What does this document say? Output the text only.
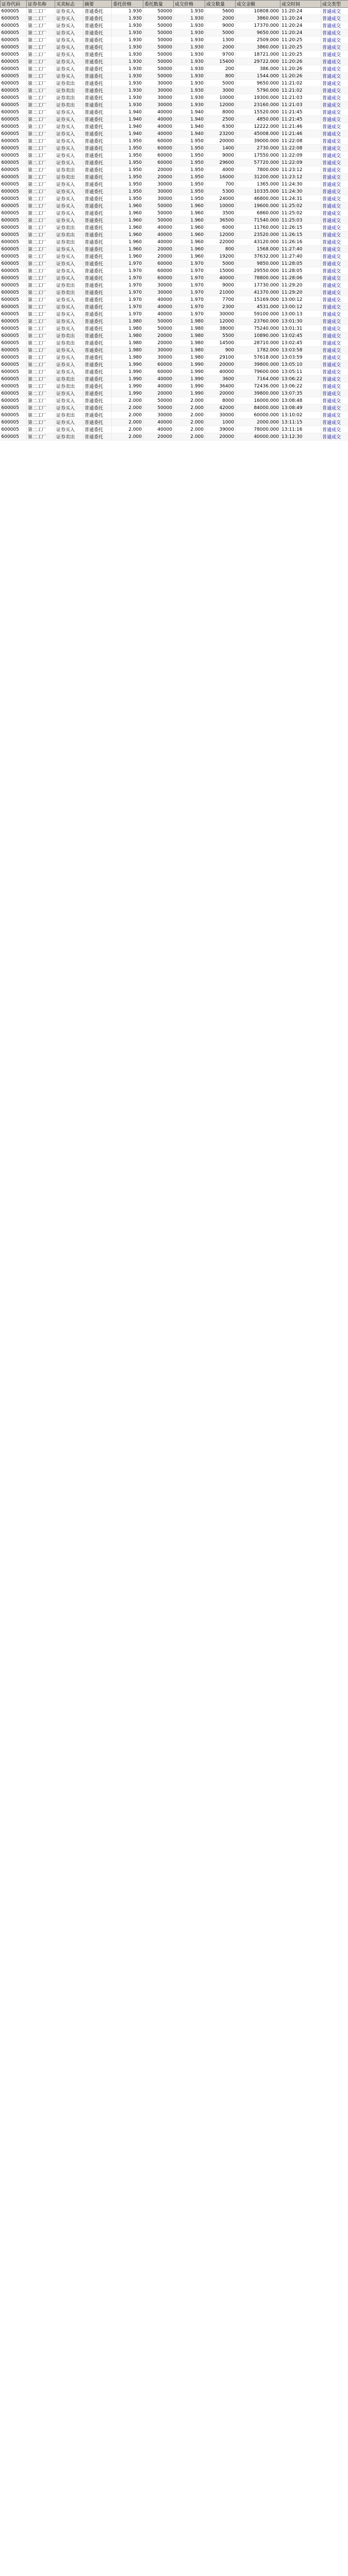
证券代码	证券名称	买卖标志	摘要	委托价格	委托数量	成交价格	成交数量	成交金额	成交时间	成交类型
600005	第二工厂	证券买入	普通委托	1.930	50000	1.930	5600	10808.000	11:20:24	普通成交
600005	第二工厂	证券买入	普通委托	1.930	50000	1.930	2000	3860.000	11:20:24	普通成交
600005	第二工厂	证券买入	普通委托	1.930	50000	1.930	9000	17370.000	11:20:24	普通成交
600005	第二工厂	证券买入	普通委托	1.930	50000	1.930	5000	9650.000	11:20:24	普通成交
600005	第二工厂	证券买入	普通委托	1.930	50000	1.930	1300	2509.000	11:20:25	普通成交
600005	第二工厂	证券买入	普通委托	1.930	50000	1.930	2000	3860.000	11:20:25	普通成交
600005	第二工厂	证券买入	普通委托	1.930	50000	1.930	9700	18721.000	11:20:25	普通成交
600005	第二工厂	证券买入	普通委托	1.930	50000	1.930	15400	29722.000	11:20:26	普通成交
600005	第二工厂	证券买入	普通委托	1.930	50000	1.930	200	386.000	11:20:26	普通成交
600005	第二工厂	证券买入	普通委托	1.930	50000	1.930	800	1544.000	11:20:26	普通成交
600005	第二工厂	证券卖出	普通委托	1.930	30000	1.930	5000	9650.000	11:21:02	普通成交
600005	第二工厂	证券卖出	普通委托	1.930	30000	1.930	3000	5790.000	11:21:02	普通成交
600005	第二工厂	证券卖出	普通委托	1.930	30000	1.930	10000	19300.000	11:21:03	普通成交
600005	第二工厂	证券卖出	普通委托	1.930	30000	1.930	12000	23160.000	11:21:03	普通成交
600005	第二工厂	证券买入	普通委托	1.940	40000	1.940	8000	15520.000	11:21:45	普通成交
600005	第二工厂	证券买入	普通委托	1.940	40000	1.940	2500	4850.000	11:21:45	普通成交
600005	第二工厂	证券买入	普通委托	1.940	40000	1.940	6300	12222.000	11:21:46	普通成交
600005	第二工厂	证券买入	普通委托	1.940	40000	1.940	23200	45008.000	11:21:46	普通成交
600005	第二工厂	证券买入	普通委托	1.950	60000	1.950	20000	39000.000	11:22:08	普通成交
600005	第二工厂	证券买入	普通委托	1.950	60000	1.950	1400	2730.000	11:22:08	普通成交
600005	第二工厂	证券买入	普通委托	1.950	60000	1.950	9000	17550.000	11:22:09	普通成交
600005	第二工厂	证券买入	普通委托	1.950	60000	1.950	29600	57720.000	11:22:09	普通成交
600005	第二工厂	证券卖出	普通委托	1.950	20000	1.950	4000	7800.000	11:23:12	普通成交
600005	第二工厂	证券卖出	普通委托	1.950	20000	1.950	16000	31200.000	11:23:12	普通成交
600005	第二工厂	证券买入	普通委托	1.950	30000	1.950	700	1365.000	11:24:30	普通成交
600005	第二工厂	证券买入	普通委托	1.950	30000	1.950	5300	10335.000	11:24:30	普通成交
600005	第二工厂	证券买入	普通委托	1.950	30000	1.950	24000	46800.000	11:24:31	普通成交
600005	第二工厂	证券买入	普通委托	1.960	50000	1.960	10000	19600.000	11:25:02	普通成交
600005	第二工厂	证券买入	普通委托	1.960	50000	1.960	3500	6860.000	11:25:02	普通成交
600005	第二工厂	证券买入	普通委托	1.960	50000	1.960	36500	71540.000	11:25:03	普通成交
600005	第二工厂	证券卖出	普通委托	1.960	40000	1.960	6000	11760.000	11:26:15	普通成交
600005	第二工厂	证券卖出	普通委托	1.960	40000	1.960	12000	23520.000	11:26:15	普通成交
600005	第二工厂	证券卖出	普通委托	1.960	40000	1.960	22000	43120.000	11:26:16	普通成交
600005	第二工厂	证券买入	普通委托	1.960	20000	1.960	800	1568.000	11:27:40	普通成交
600005	第二工厂	证券买入	普通委托	1.960	20000	1.960	19200	37632.000	11:27:40	普通成交
600005	第二工厂	证券买入	普通委托	1.970	60000	1.970	5000	9850.000	11:28:05	普通成交
600005	第二工厂	证券买入	普通委托	1.970	60000	1.970	15000	29550.000	11:28:05	普通成交
600005	第二工厂	证券买入	普通委托	1.970	60000	1.970	40000	78800.000	11:28:06	普通成交
600005	第二工厂	证券卖出	普通委托	1.970	30000	1.970	9000	17730.000	11:29:20	普通成交
600005	第二工厂	证券卖出	普通委托	1.970	30000	1.970	21000	41370.000	11:29:20	普通成交
600005	第二工厂	证券买入	普通委托	1.970	40000	1.970	7700	15169.000	13:00:12	普通成交
600005	第二工厂	证券买入	普通委托	1.970	40000	1.970	2300	4531.000	13:00:12	普通成交
600005	第二工厂	证券买入	普通委托	1.970	40000	1.970	30000	59100.000	13:00:13	普通成交
600005	第二工厂	证券买入	普通委托	1.980	50000	1.980	12000	23760.000	13:01:30	普通成交
600005	第二工厂	证券买入	普通委托	1.980	50000	1.980	38000	75240.000	13:01:31	普通成交
600005	第二工厂	证券卖出	普通委托	1.980	20000	1.980	5500	10890.000	13:02:45	普通成交
600005	第二工厂	证券卖出	普通委托	1.980	20000	1.980	14500	28710.000	13:02:45	普通成交
600005	第二工厂	证券买入	普通委托	1.980	30000	1.980	900	1782.000	13:03:58	普通成交
600005	第二工厂	证券买入	普通委托	1.980	30000	1.980	29100	57618.000	13:03:59	普通成交
600005	第二工厂	证券买入	普通委托	1.990	60000	1.990	20000	39800.000	13:05:10	普通成交
600005	第二工厂	证券买入	普通委托	1.990	60000	1.990	40000	79600.000	13:05:11	普通成交
600005	第二工厂	证券卖出	普通委托	1.990	40000	1.990	3600	7164.000	13:06:22	普通成交
600005	第二工厂	证券卖出	普通委托	1.990	40000	1.990	36400	72436.000	13:06:22	普通成交
600005	第二工厂	证券买入	普通委托	1.990	20000	1.990	20000	39800.000	13:07:35	普通成交
600005	第二工厂	证券买入	普通委托	2.000	50000	2.000	8000	16000.000	13:08:48	普通成交
600005	第二工厂	证券买入	普通委托	2.000	50000	2.000	42000	84000.000	13:08:49	普通成交
600005	第二工厂	证券卖出	普通委托	2.000	30000	2.000	30000	60000.000	13:10:02	普通成交
600005	第二工厂	证券买入	普通委托	2.000	40000	2.000	1000	2000.000	13:11:15	普通成交
600005	第二工厂	证券买入	普通委托	2.000	40000	2.000	39000	78000.000	13:11:16	普通成交
600005	第二工厂	证券卖出	普通委托	2.000	20000	2.000	20000	40000.000	13:12:30	普通成交
